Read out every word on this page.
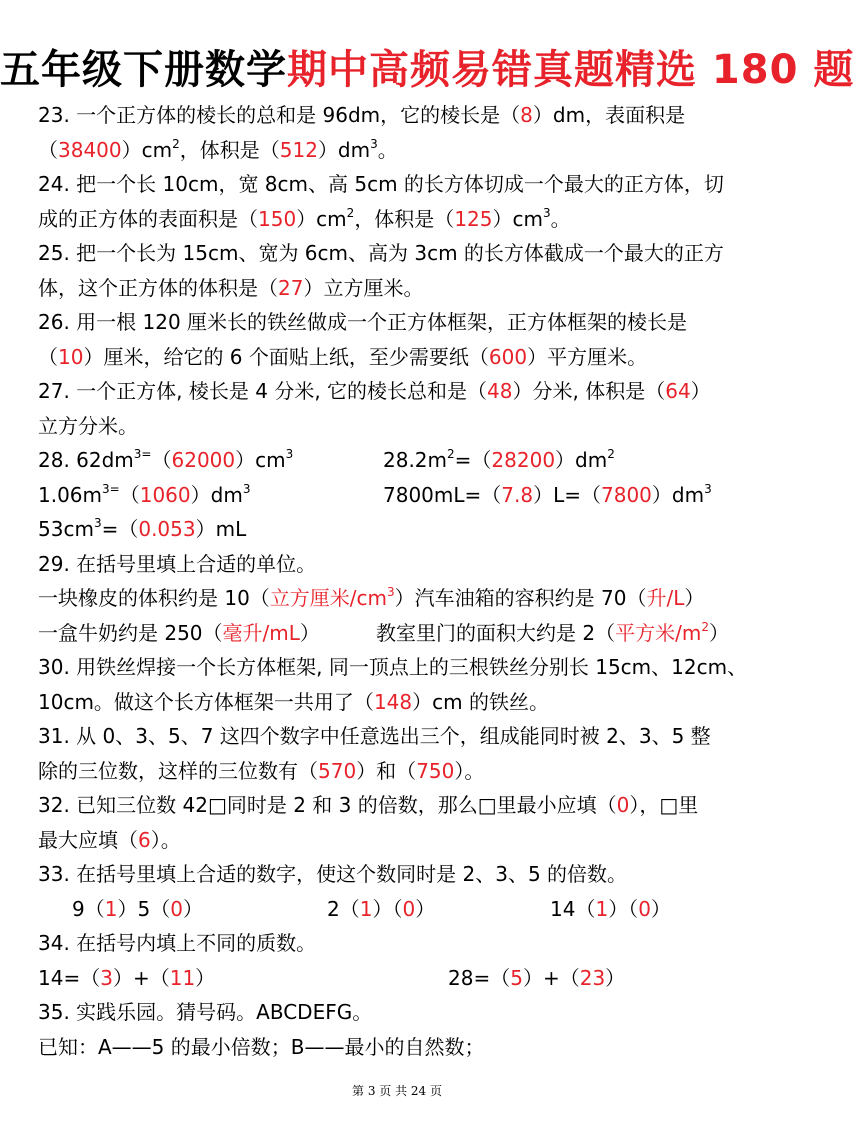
五年级下册数学期中高频易错真题精选 180 题
23. 一个正方体的棱长的总和是 96dm，它的棱长是（8）dm，表面积是
$(38400)cm^2$，体积是$(512)dm^3$。
24. 把一个长 10cm，宽 8cm、高 5cm 的长方体切成一个最大的正方体，切
成的正方体的表面积是$(150)cm^2$，体积是$(125)cm^3$。
25. 把一个长为 15cm、宽为 6cm、高为 3cm 的长方体截成一个最大的正方
体，这个正方体的体积是（27）立方厘米。
26. 用一根 120 厘米长的铁丝做成一个正方体框架，正方体框架的棱长是
（10）厘米，给它的 6 个面贴上纸，至少需要纸（600）平方厘米。
27. 一个正方体, 棱长是 4 分米, 它的棱长总和是（48）分米, 体积是（64）
立方分米。
28. $62dm^{3=}(62000)cm^3$	$28.2m^2=(28200)dm^2$
$1.06m^{3=}(1060)dm^3$	$7800mL=(7.8)L=(7800)dm^3$
$53cm^3=(0.053)mL$
29. 在括号里填上合适的单位。
一块橡皮的体积约是 10（立方厘米$/cm^3$）汽车油箱的容积约是 70（升/L）
一盒牛奶约是 250（毫升/mL）	教室里门的面积大约是 2（平方米$/m^2$）
30. 用铁丝焊接一个长方体框架, 同一顶点上的三根铁丝分别长 15cm、12cm、
10cm。做这个长方体框架一共用了（148）cm 的铁丝。
31. 从 0、3、5、7 这四个数字中任意选出三个，组成能同时被 2、3、5 整
除的三位数，这样的三位数有（570）和（750）。
32. 已知三位数 42□同时是 2 和 3 的倍数，那么□里最小应填（0），□里
最大应填（6）。
33. 在括号里填上合适的数字，使这个数同时是 2、3、5 的倍数。
9（1）5（0）	2（1）（0）	14（1）（0）
34. 在括号内填上不同的质数。
14=（3）+（11）	28=（5）+（23）
35. 实践乐园。猜号码。ABCDEFG。
已知：A——5 的最小倍数；B——最小的自然数；
第 3 页 共 24 页
